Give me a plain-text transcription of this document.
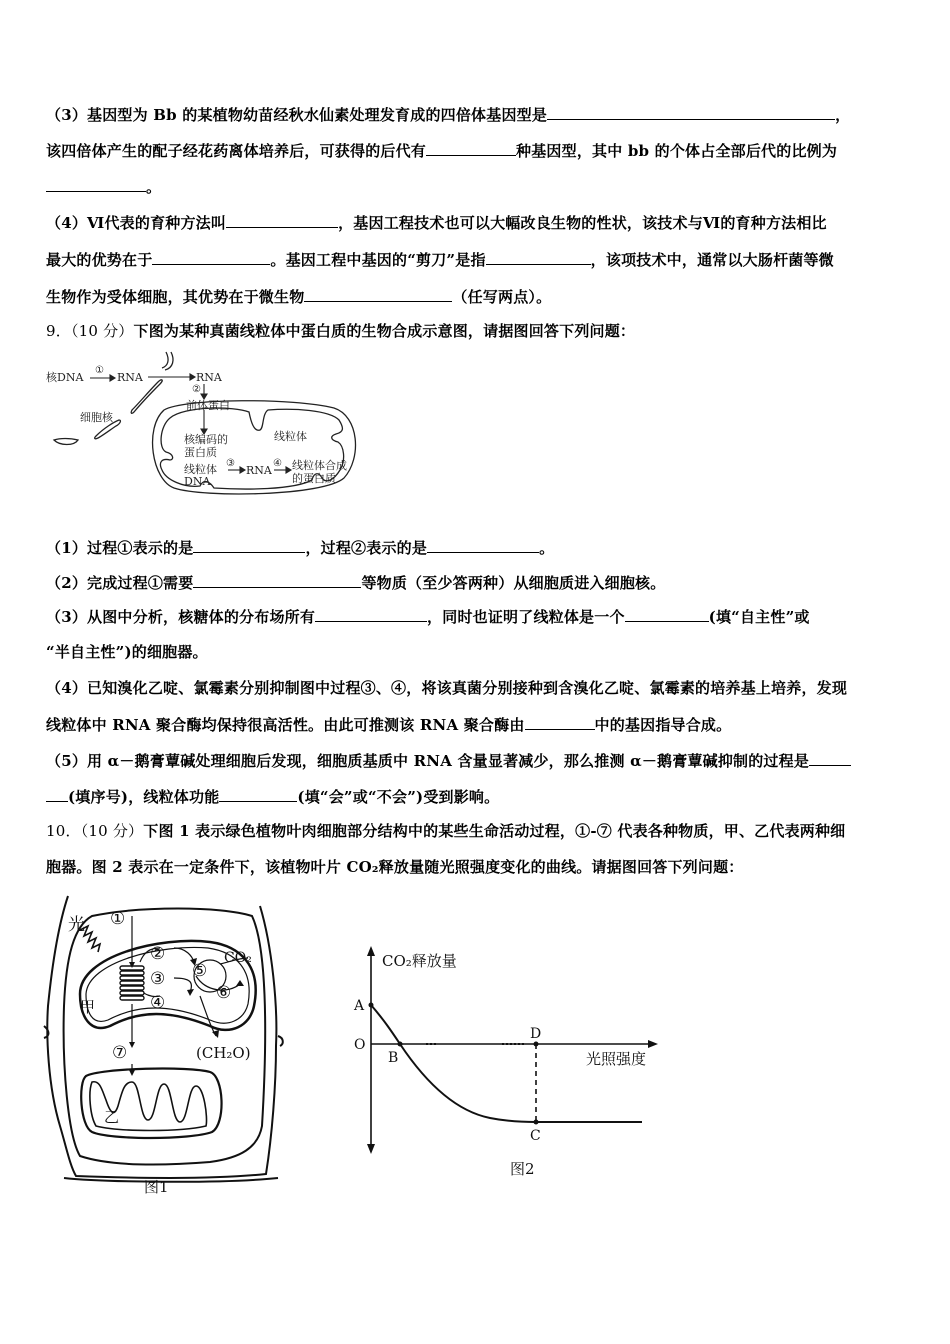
（3）基因型为 Bb 的某植物幼苗经秋水仙素处理发育成的四倍体基因型是	，
该四倍体产生的配子经花药离体培养后，可获得的后代有	种基因型，其中 bb 的个体占全部后代的比例为
。
（4）Ⅵ代表的育种方法叫	，基因工程技术也可以大幅改良生物的性状，该技术与Ⅵ的育种方法相比
最大的优势在于	。基因工程中基因的“剪刀”是指	，该项技术中，通常以大肠杆菌等微
生物作为受体细胞，其优势在于微生物	（任写两点）。
9．（10 分）下图为某种真菌线粒体中蛋白质的生物合成示意图，请据图回答下列问题：
核DNA
①
RNA	RNA
②
细胞核
前体蛋白
线粒体
核编码的
蛋白质
线粒体
DNA
③
RNA
④ 线粒体合成
的蛋白质
（1）过程①表示的是	，过程②表示的是	。
（2）完成过程①需要	等物质（至少答两种）从细胞质进入细胞核。
（3）从图中分析，核糖体的分布场所有	，同时也证明了线粒体是一个	(填“自主性”或
“半自主性”)的细胞器。
（4）已知溴化乙啶、氯霉素分别抑制图中过程③、④，将该真菌分别接种到含溴化乙啶、氯霉素的培养基上培养，发现
线粒体中 RNA 聚合酶均保持很高活性。由此可推测该 RNA 聚合酶由	中的基因指导合成。
（5）用 α－鹅膏蕈碱处理细胞后发现，细胞质基质中 RNA 含量显著减少，那么推测 α－鹅膏蕈碱抑制的过程是
(填序号)，线粒体功能	(填“会”或“不会”)受到影响。
10．（10 分）下图 1 表示绿色植物叶肉细胞部分结构中的某些生命活动过程，①-⑦ 代表各种物质，甲、乙代表两种细
胞器。图 2 表示在一定条件下，该植物叶片 CO₂释放量随光照强度变化的曲线。请据图回答下列问题：
光
甲
乙
①
②
③
④
⑤
⑥
⑦
CO₂
(CH₂O)
图1
CO₂释放量
光照强度
A
O
B
D
C
图2
